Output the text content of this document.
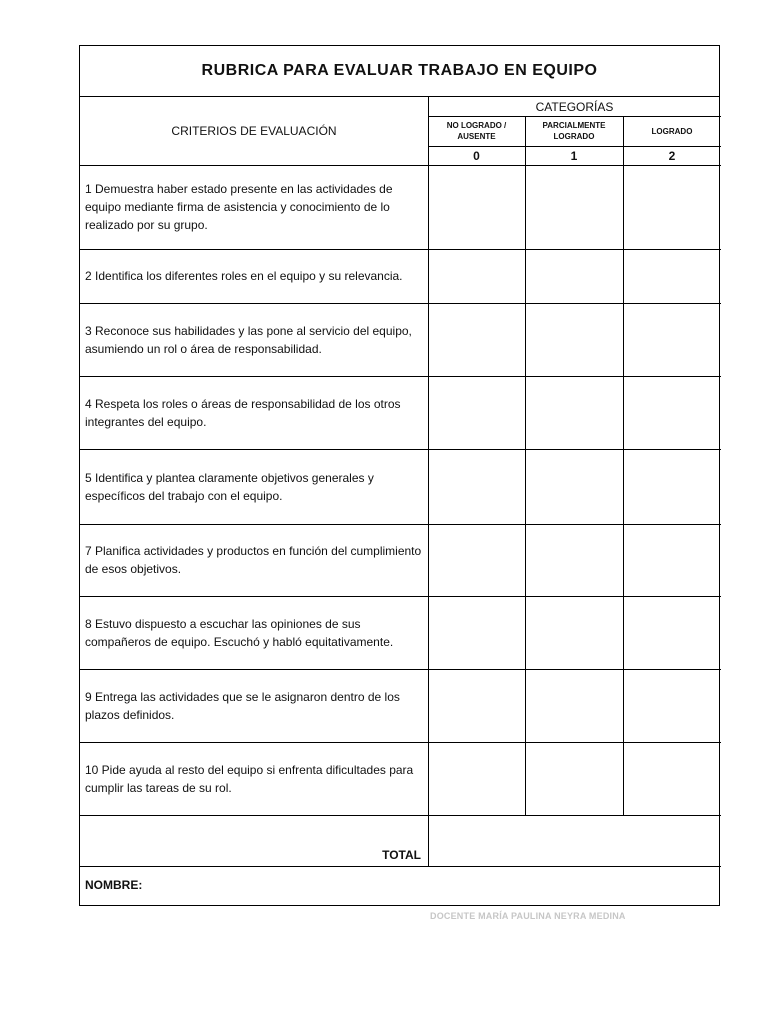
RUBRICA PARA EVALUAR TRABAJO EN EQUIPO
CRITERIOS DE EVALUACIÓN
CATEGORÍAS
NO LOGRADO / AUSENTE
0
PARCIALMENTE LOGRADO
1
LOGRADO
2
1 Demuestra haber estado presente en las actividades de equipo mediante firma de asistencia y conocimiento de lo realizado por su grupo.
2 Identifica los diferentes roles en el equipo y su relevancia.
3 Reconoce sus habilidades y las pone al servicio del equipo, asumiendo un rol o área de responsabilidad.
4 Respeta los roles o áreas de responsabilidad de los otros integrantes del equipo.
5 Identifica y plantea claramente objetivos generales y específicos del trabajo con el equipo.
7 Planifica actividades y productos en función del cumplimiento de esos objetivos.
8 Estuvo dispuesto a escuchar las opiniones de sus compañeros de equipo. Escuchó y habló equitativamente.
9 Entrega las actividades que se le asignaron dentro de los plazos definidos.
10 Pide ayuda al resto del equipo si enfrenta dificultades para cumplir las tareas de su rol.
TOTAL
NOMBRE:
DOCENTE MARÍA PAULINA NEYRA MEDINA
